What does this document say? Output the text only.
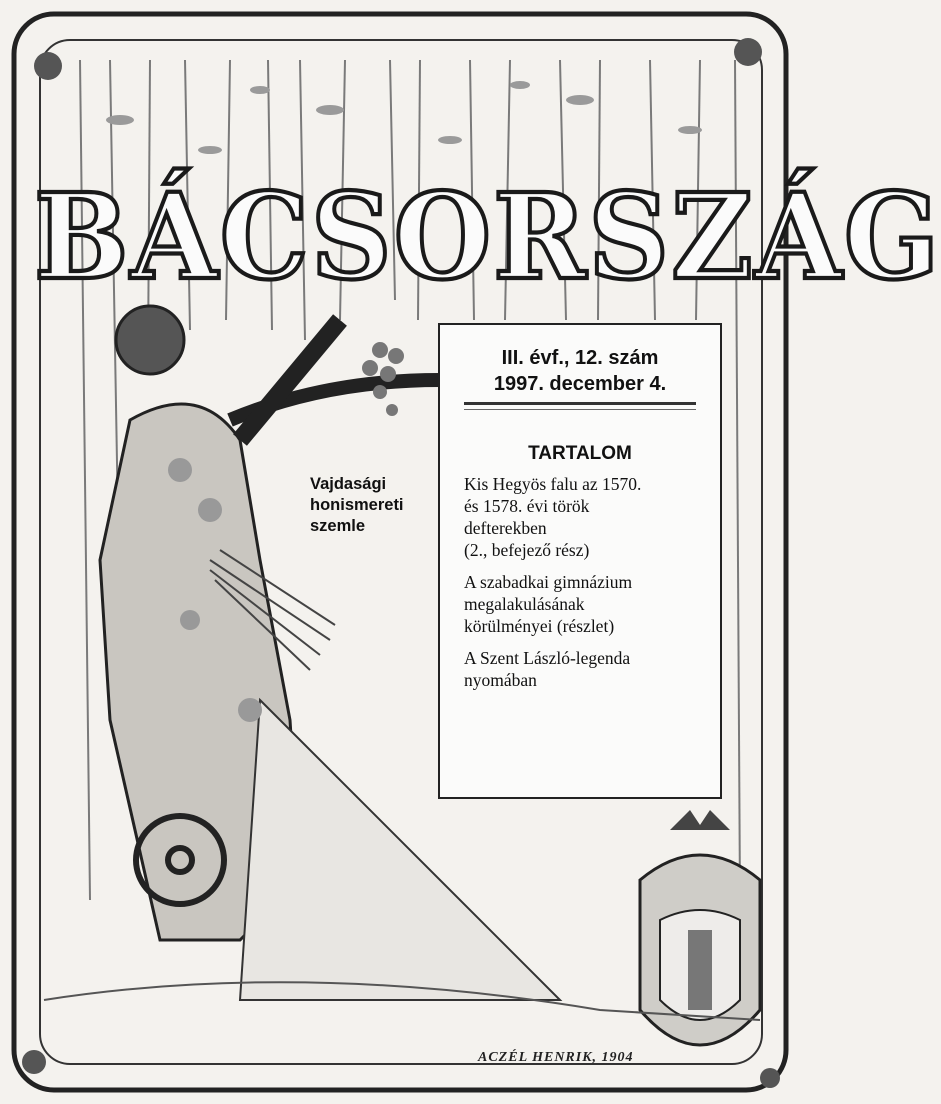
BÁCSORSZÁG
Vajdasági
honismereti
szemle
III. évf., 12. szám
1997. december 4.
TARTALOM
Kis Hegyös falu az 1570.
és 1578. évi török
defterekben
(2., befejező rész)
A szabadkai gimnázium
megalakulásának
körülményei (részlet)
A Szent László-legenda
nyomában
ACZÉL HENRIK, 1904
